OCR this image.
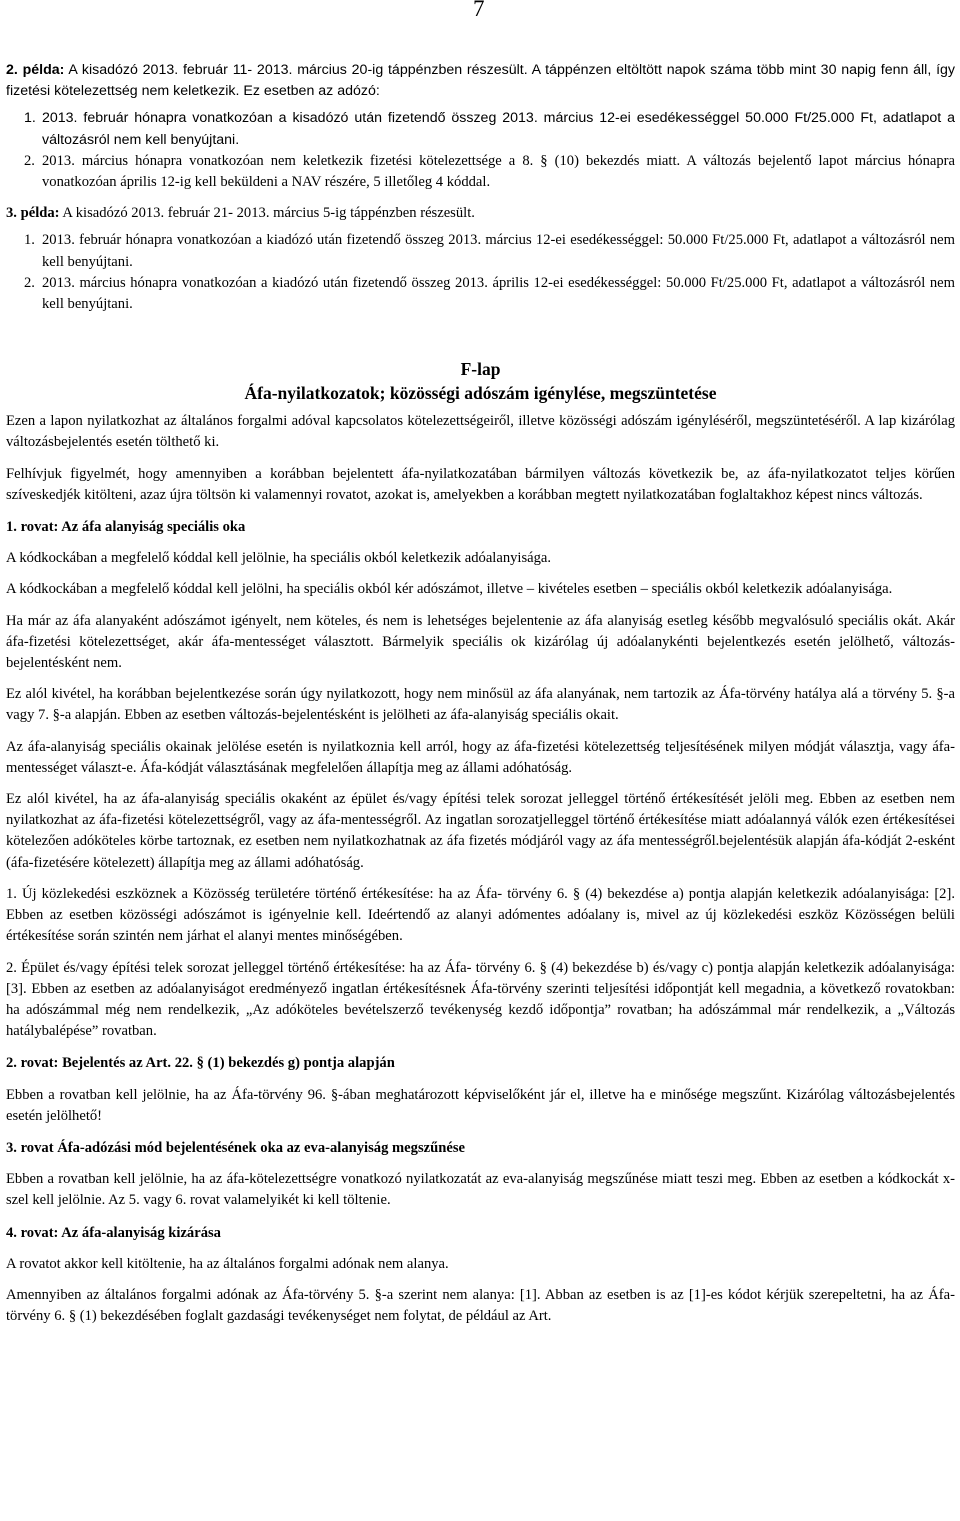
7

2. példa: A kisadózó 2013. február 11- 2013. március 20-ig táppénzben részesült. A táppénzen eltöltött napok száma több mint 30 napig fenn áll, így fizetési kötelezettség nem keletkezik. Ez esetben az adózó:

1. 2013. február hónapra vonatkozóan a kisadózó után fizetendő összeg 2013. március 12-ei esedékességgel 50.000 Ft/25.000 Ft, adatlapot a változásról nem kell benyújtani.
2. 2013. március hónapra vonatkozóan nem keletkezik fizetési kötelezettsége a 8. § (10) bekezdés miatt. A változás bejelentő lapot március hónapra vonatkozóan április 12-ig kell beküldeni a NAV részére, 5 illetőleg 4 kóddal.

3. példa: A kisadózó 2013. február 21- 2013. március 5-ig táppénzben részesült.

1. 2013. február hónapra vonatkozóan a kiadózó után fizetendő összeg 2013. március 12-ei esedékességgel: 50.000 Ft/25.000 Ft, adatlapot a változásról nem kell benyújtani.
2. 2013. március hónapra vonatkozóan a kiadózó után fizetendő összeg 2013. április 12-ei esedékességgel: 50.000 Ft/25.000 Ft, adatlapot a változásról nem kell benyújtani.
F-lap
Áfa-nyilatkozatok; közösségi adószám igénylése, megszüntetése

Ezen a lapon nyilatkozhat az általános forgalmi adóval kapcsolatos kötelezettségeiről, illetve közösségi adószám igényléséről, megszüntetéséről. A lap kizárólag változásbejelentés esetén tölthető ki.

Felhívjuk figyelmét, hogy amennyiben a korábban bejelentett áfa-nyilatkozatában bármilyen változás következik be, az áfa-nyilatkozatot teljes körűen szíveskedjék kitölteni, azaz újra töltsön ki valamennyi rovatot, azokat is, amelyekben a korábban megtett nyilatkozatában foglaltakhoz képest nincs változás.

1. rovat: Az áfa alanyiság speciális oka

A kódkockában a megfelelő kóddal kell jelölnie, ha speciális okból keletkezik adóalanyisága.

A kódkockában a megfelelő kóddal kell jelölni, ha speciális okból kér adószámot, illetve – kivételes esetben – speciális okból keletkezik adóalanyisága.

Ha már az áfa alanyaként adószámot igényelt, nem köteles, és nem is lehetséges bejelentenie az áfa alanyiság esetleg később megvalósuló speciális okát. Akár áfa-fizetési kötelezettséget, akár áfa-mentességet választott. Bármelyik speciális ok kizárólag új adóalanykénti bejelentkezés esetén jelölhető, változás-bejelentésként nem.

Ez alól kivétel, ha korábban bejelentkezése során úgy nyilatkozott, hogy nem minősül az áfa alanyának, nem tartozik az Áfa-törvény hatálya alá a törvény 5. §-a vagy 7. §-a alapján. Ebben az esetben változás-bejelentésként is jelölheti az áfa-alanyiság speciális okait.

Az áfa-alanyiság speciális okainak jelölése esetén is nyilatkoznia kell arról, hogy az áfa-fizetési kötelezettség teljesítésének milyen módját választja, vagy áfa-mentességet választ-e. Áfa-kódját választásának megfelelően állapítja meg az állami adóhatóság.

Ez alól kivétel, ha az áfa-alanyiság speciális okaként az épület és/vagy építési telek sorozat jelleggel történő értékesítését jelöli meg. Ebben az esetben nem nyilatkozhat az áfa-fizetési kötelezettségről, vagy az áfa-mentességről. Az ingatlan sorozatjelleggel történő értékesítése miatt adóalannyá válók ezen értékesítései kötelezően adóköteles körbe tartoznak, ez esetben nem nyilatkozhatnak az áfa fizetés módjáról vagy az áfa mentességről.bejelentésük alapján áfa-kódját 2-esként (áfa-fizetésére kötelezett) állapítja meg az állami adóhatóság.

1. Új közlekedési eszköznek a Közösség területére történő értékesítése: ha az Áfa- törvény 6. § (4) bekezdése a) pontja alapján keletkezik adóalanyisága: [2]. Ebben az esetben közösségi adószámot is igényelnie kell. Ideértendő az alanyi adómentes adóalany is, mivel az új közlekedési eszköz Közösségen belüli értékesítése során szintén nem járhat el alanyi mentes minőségében.

2. Épület és/vagy építési telek sorozat jelleggel történő értékesítése: ha az Áfa- törvény 6. § (4) bekezdése b) és/vagy c) pontja alapján keletkezik adóalanyisága: [3]. Ebben az esetben az adóalanyiságot eredményező ingatlan értékesítésnek Áfa-törvény szerinti teljesítési időpontját kell megadnia, a következő rovatokban: ha adószámmal még nem rendelkezik, „Az adóköteles bevételszerző tevékenység kezdő időpontja” rovatban; ha adószámmal már rendelkezik, a „Változás hatálybalépése” rovatban.

2. rovat: Bejelentés az Art. 22. § (1) bekezdés g) pontja alapján

Ebben a rovatban kell jelölnie, ha az Áfa-törvény 96. §-ában meghatározott képviselőként jár el, illetve ha e minősége megszűnt. Kizárólag változásbejelentés esetén jelölhető!

3. rovat Áfa-adózási mód bejelentésének oka az eva-alanyiság megszűnése

Ebben a rovatban kell jelölnie, ha az áfa-kötelezettségre vonatkozó nyilatkozatát az eva-alanyiság megszűnése miatt teszi meg. Ebben az esetben a kódkockát x-szel kell jelölnie. Az 5. vagy 6. rovat valamelyikét ki kell töltenie.

4. rovat: Az áfa-alanyiság kizárása

A rovatot akkor kell kitöltenie, ha az általános forgalmi adónak nem alanya.

Amennyiben az általános forgalmi adónak az Áfa-törvény 5. §-a szerint nem alanya: [1]. Abban az esetben is az [1]-es kódot kérjük szerepeltetni, ha az Áfa-törvény 6. § (1) bekezdésében foglalt gazdasági tevékenységet nem folytat, de például az Art.
